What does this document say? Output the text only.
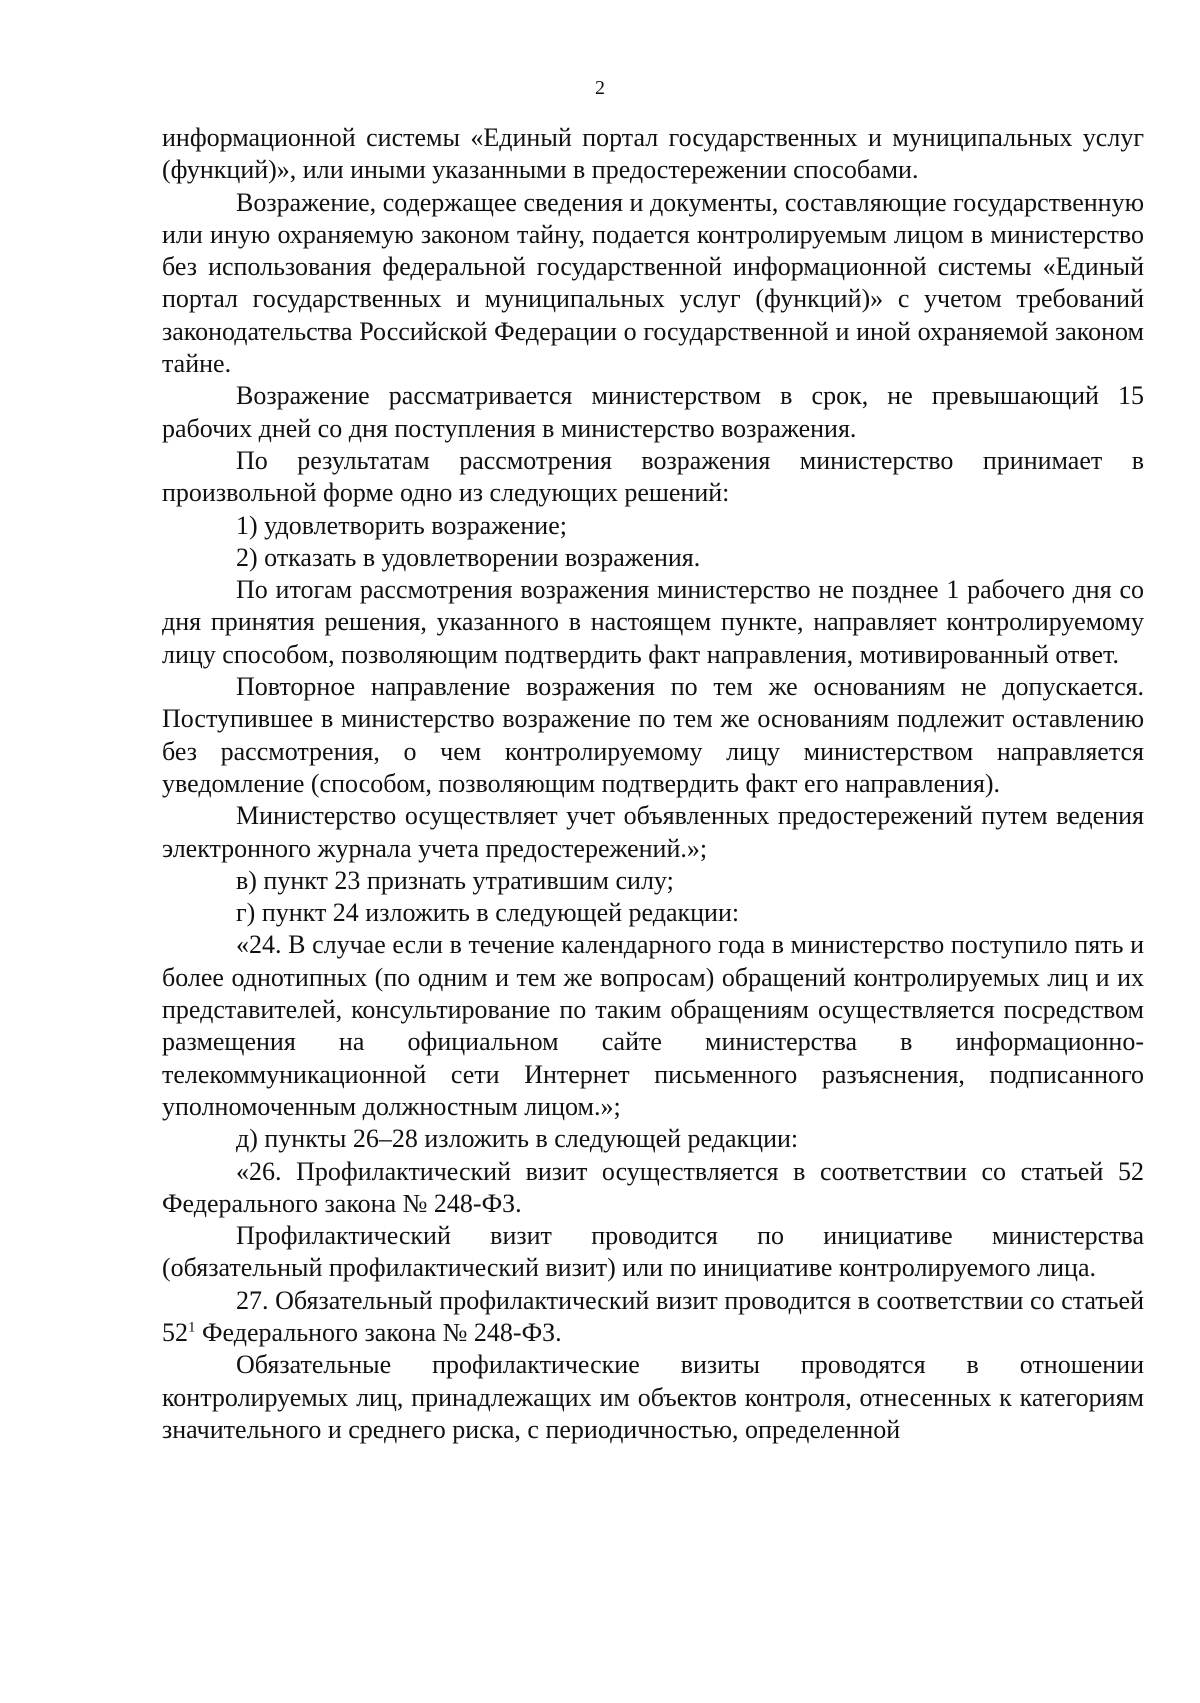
2

информационной системы «Единый портал государственных и муниципальных услуг (функций)», или иными указанными в предостережении способами.

Возражение, содержащее сведения и документы, составляющие государственную или иную охраняемую законом тайну, подается контролируемым лицом в министерство без использования федеральной государственной информационной системы «Единый портал государственных и муниципальных услуг (функций)» с учетом требований законодательства Российской Федерации о государственной и иной охраняемой законом тайне.

Возражение рассматривается министерством в срок, не превышающий 15 рабочих дней со дня поступления в министерство возражения.

По результатам рассмотрения возражения министерство принимает в произвольной форме одно из следующих решений:

1) удовлетворить возражение;

2) отказать в удовлетворении возражения.

По итогам рассмотрения возражения министерство не позднее 1 рабочего дня со дня принятия решения, указанного в настоящем пункте, направляет контролируемому лицу способом, позволяющим подтвердить факт направления, мотивированный ответ.

Повторное направление возражения по тем же основаниям не допускается. Поступившее в министерство возражение по тем же основаниям подлежит оставлению без рассмотрения, о чем контролируемому лицу министерством направляется уведомление (способом, позволяющим подтвердить факт его направления).

Министерство осуществляет учет объявленных предостережений путем ведения электронного журнала учета предостережений.»;

в) пункт 23 признать утратившим силу;

г) пункт 24 изложить в следующей редакции:

«24. В случае если в течение календарного года в министерство поступило пять и более однотипных (по одним и тем же вопросам) обращений контролируемых лиц и их представителей, консультирование по таким обращениям осуществляется посредством размещения на официальном сайте министерства в информационно-телекоммуникационной сети Интернет письменного разъяснения, подписанного уполномоченным должностным лицом.»;

д) пункты 26–28 изложить в следующей редакции:

«26. Профилактический визит осуществляется в соответствии со статьей 52 Федерального закона № 248-ФЗ.

Профилактический визит проводится по инициативе министерства (обязательный профилактический визит) или по инициативе контролируемого лица.

27. Обязательный профилактический визит проводится в соответствии со статьей $52^1$ Федерального закона № 248-ФЗ.

Обязательные профилактические визиты проводятся в отношении контролируемых лиц, принадлежащих им объектов контроля, отнесенных к категориям значительного и среднего риска, с периодичностью, определенной
